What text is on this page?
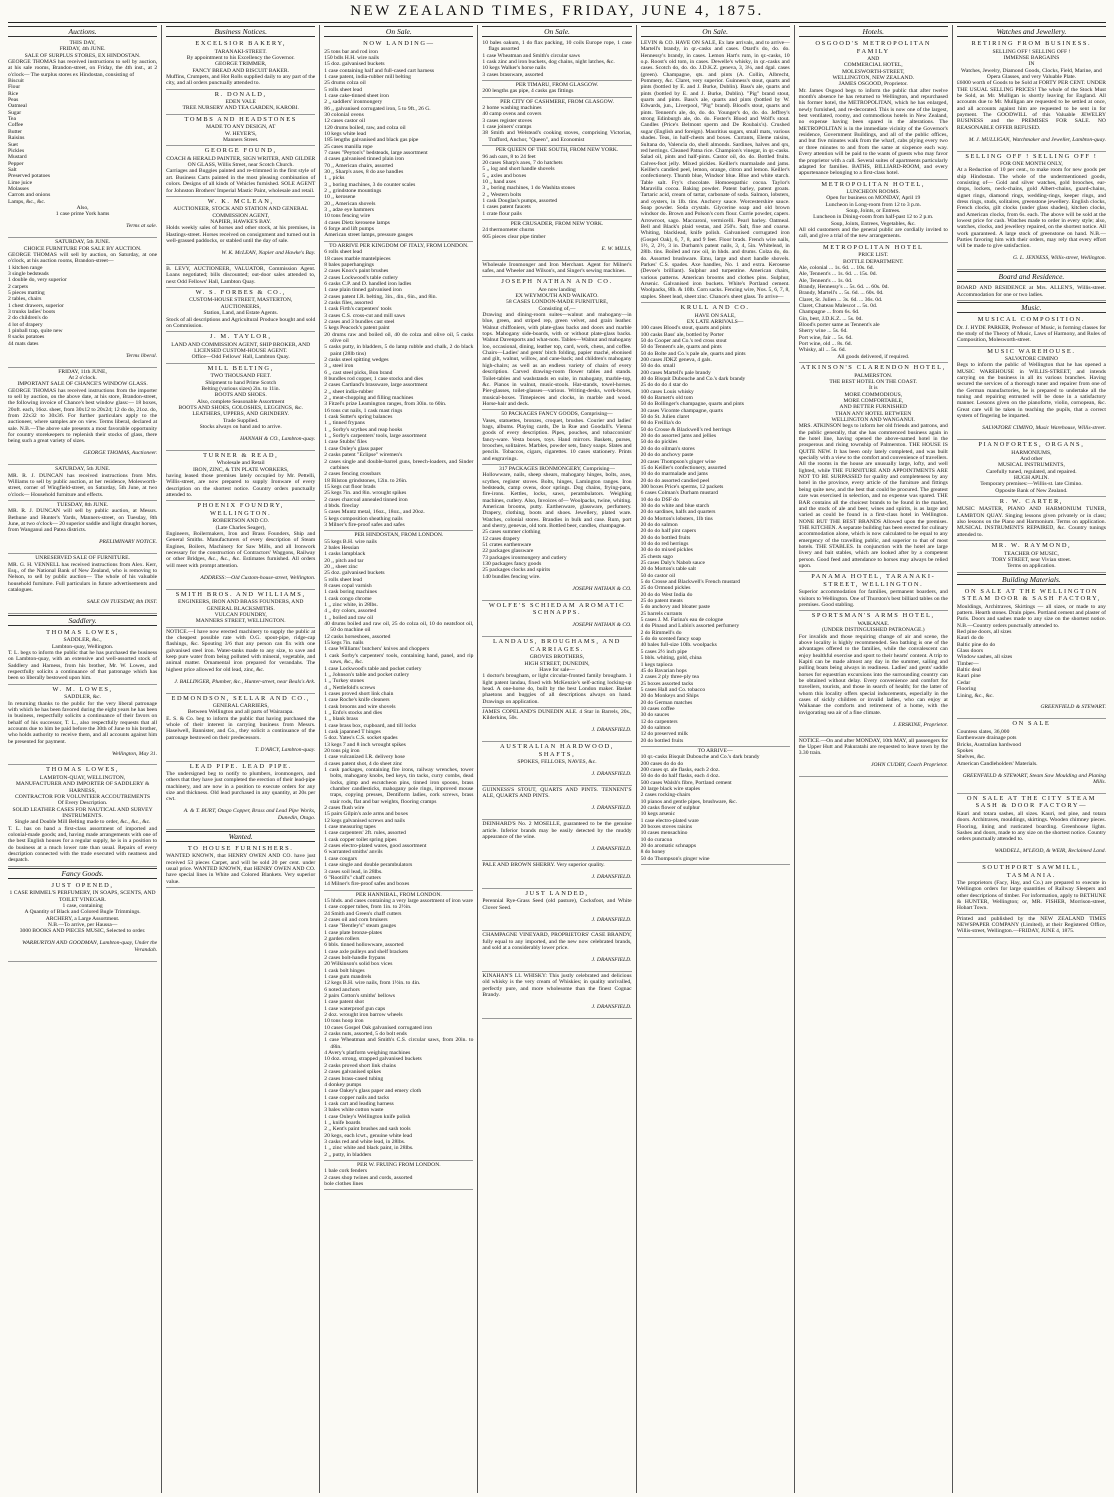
NEW ZEALAND TIMES, FRIDAY, JUNE 4, 1875.
Auctions.

THIS DAY,

FRIDAY, 4th JUNE.

SALE OF SURPLUS STORES, EX HINDOSTAN.

GEORGE THOMAS has received instructions to sell by auction, at his sale rooms, Brandon-street, on Friday, the 4th inst., at 2 o'clock— The surplus stores ex Hindostan, consisting of

Biscuit

Flour

Rice

Peas

Oatmeal

Sugar

Tea

Coffee

Butter

Raisins

Suet

Pickles

Mustard

Pepper

Salt

Preserved potatoes

Lime juice

Molasses

Carrots and onions

Lamps, &c., &c.

Also,

1 case prime York hams

Terms at sale.

SATURDAY, 5th JUNE.

CHOICE FURNITURE FOR SALE BY AUCTION.

GEORGE THOMAS will sell by auction, on Saturday, at one o'clock, at his auction rooms, Brandon-street—

1 kitchen range

3 single bedsteads

1 double do, very superior

2 carpets

5 pieces matting

2 tables, chairs

1 chest drawers, superior

3 trunks ladies' boots

2 do children's do

4 lot of drapery

1 pinball trap, quite new

8 sacks potatoes

44 mats dates

Terms liberal.

FRIDAY, 11th JUNE,

At 2 o'clock.

IMPORTANT SALE OF CHANCE'S WINDOW GLASS.

GEORGE THOMAS has received instructions from the importer to sell by auction, on the above date, at his store, Brandon-street, the following invoice of Chance's best window glass:— 18 boxes, 20oft. each, 16oz. sheet, from 30x12 to 20x24; 12 do do, 21oz. do, from 22x32 to 30x36. For further particulars apply to the auctioneer, where samples are on view. Terms liberal, declared at sale. N.B.—The above sale presents a most favorable opportunity for country storekeepers to replenish their stocks of glass, there being such a great variety of sizes.

GEORGE THOMAS, Auctioneer.

SATURDAY, 5th JUNE.

MR. R. J. DUNCAN has received instructions from Mrs. Williams to sell by public auction, at her residence, Molesworth-street, corner of Wingfield-street, on Saturday, 5th June, at two o'clock— Household furniture and effects.

TUESDAY, 8th JUNE.

MR. R. J. DUNCAN will sell by public auction, at Messrs. Bethune and Hunter's Yards, Manners-street, on Tuesday, 8th June, at two o'clock— 20 superior saddle and light draught horses, from Wanganui and Patea districts.

PRELIMINARY NOTICE.

UNRESERVED SALE OF FURNITURE.

MR. G. H. VENNELL has received instructions from Alex. Kerr, Esq., of the National Bank of New Zealand, who is removing to Nelson, to sell by public auction— The whole of his valuable household furniture. Full particulars in future advertisements and catalogues.

SALE ON TUESDAY, 8th INST.

Saddlery.
THOMAS LOWES,

SADDLER, &c.,

Lambton-quay, Wellington.

T. L. begs to inform the public that he has purchased the business on Lambton-quay, with an extensive and well-assorted stock of Saddlery and Harness, from his brother, Mr. W. Lowes, and respectfully solicits a continuance of that patronage which has been so liberally bestowed upon him.

W. M. LOWES,

SADDLER, &c.

In returning thanks to the public for the very liberal patronage with which he has been favored during the eight years he has been in business, respectfully solicits a continuance of their favors on behalf of his successor, T. L., also respectfully requests that all accounts due to him be paid before the 30th of June to his brother, who holds authority to receive them, and all accounts against him be presented for payment.

Wellington, May 31.

THOMAS LOWES,

LAMBTON-QUAY, WELLINGTON,

MANUFACTURER AND IMPORTER OF SADDLERY & HARNESS,

CONTRACTOR FOR VOLUNTEER ACCOUTREMENTS

Of Every Description.

SOLID LEATHER CASES FOR NAUTICAL AND SURVEY INSTRUMENTS.

Single and Double Mill Belting made to order, &c., &c., &c.

T. L. has on hand a first-class assortment of imported and colonial-made goods; and, having made arrangements with one of the best English houses for a regular supply, he is in a position to do business at a much lower rate than usual. Repairs of every description connected with the trade executed with neatness and despatch.

Fancy Goods.
JUST OPENED,

1 CASE RIMMEL'S PERFUMERY, IN SOAPS, SCENTS, AND TOILET VINEGAR.

1 case, containing

A Quantity of Black and Colored Bugle Trimmings.

ARCHERY, a Large Assortment.

N.B.—To arrive, per Haussa—

3000 BOOKS AND PIECES MUSIC, Selected to order.

WARBURTON AND GOODMAN, Lambton-quay, Under the Verandah.

Business Notices.
EXCELSIOR BAKERY,

TARANAKI-STREET.

By appointment to his Excellency the Governor.

GEORGE TRIMMER,

FANCY BREAD AND BISCUIT BAKER.

Muffins, Crumpets, and Hot Rolls supplied daily to any part of the city, and all orders punctually attended to.

R. DONALD,

EDEN VALE

TREE NURSERY AND TEA GARDEN, KAROBI.

TOMBS AND HEADSTONES

MADE TO ANY DESIGN, AT

W. HEYER'S,

Manners Street.

GEORGE FOUND,

COACH & HERALD PAINTER, SIGN WRITER, AND GILDER ON GLASS, Willis Street, near Scotch Church.

Carriages and Buggies painted and re-trimmed in the first style of art. Business Carts painted in the most pleasing combination of colors. Designs of all kinds of Vehicles furnished. SOLE AGENT for Johnston Brothers' Imperial Mastic Paint, wholesale and retail.

W. K. MCLEAN,

AUCTIONEER, STOCK AND STATION AND GENERAL COMMISSION AGENT,

NAPIER, HAWKE'S BAY.

Holds weekly sales of horses and other stock, at his premises, in Hastings-street. Horses received on consignment and turned out in well-grassed paddocks, or stabled until the day of sale.

W. K. McLEAN, Napier and Hawke's Bay.

B. LEVY, AUCTIONEER, VALUATOR, Commission Agent. Loans negotiated; bills discounted; out-door sales attended to, next Odd Fellows' Hall, Lambton Quay.

W. S. FORBES & CO.,

CUSTOM-HOUSE STREET, MASTERTON,

AUCTIONEERS,

Station, Land, and Estate Agents.

Stock of all descriptions and Agricultural Produce bought and sold on Commission.

J. M. TAYLOR,

LAND AND COMMISSION AGENT, SHIP BROKER, AND LICENSED CUSTOM-HOUSE AGENT.

Office—Odd Fellows' Hall, Lambton Quay.

MILL BELTING,

TWO THOUSAND FEET.

Shipment to hand Prime Scotch

Belting (various sizes) 2in. to 11in.

BOOTS AND SHOES.

Also, complete Seasonable Assortment

BOOTS AND SHOES, GOLOSHES, LEGGINGS, &c.

LEATHERS, UPPERS, AND GRINDERY.

Trade Supplied.

Stocks always on hand and to arrive.

HANNAH & CO., Lambton-quay.

TURNER & READ,

Wholesale and Retail

IRON, ZINC, & TIN PLATE WORKERS,

having leased those premises lately occupied by Mr. Pettelli, Willis-street, are now prepared to supply Ironware of every description on the shortest notice. Country orders punctually attended to.

PHOENIX FOUNDRY, WELLINGTON.

ROBERTSON AND CO.

(Late Charles Seager),

Engineers, Boilermakers, Iron and Brass Founders, Ship and General Smiths. Manufacturers of every description of Steam Engines, Boilers, Machinery for Saw Mills, and all Ironwork necessary for the construction of Contractors' Waggons, Railway or other Bridges, &c., &c., &c. Estimates furnished. All orders will meet with prompt attention.

ADDRESS:—Old Custom-house-street, Wellington.

SMITH BROS. AND WILLIAMS,

ENGINEERS, IRON AND BRASS FOUNDERS, AND GENERAL BLACKSMITHS.

VULCAN FOUNDRY,

MANNERS STREET, WELLINGTON.

NOTICE.—I have now erected machinery to supply the public at the cheapest possible rate with O.G. spout-pipe, ridge-cap flashings, &c. Spouting 3/6 that any person can fix with one galvanised steel iron. Water-tanks made to any size, to save and keep pure water from being polluted with mineral, vegetable, and animal matter. Ornamental iron prepared for verandahs. The highest price allowed for old lead, zinc, &c.

J. BALLINGER, Plumber, &c., Hunter-street, near Beals's Ark.

EDMONDSON, SELLAR AND CO.,

GENERAL CARRIERS,

Between Wellington and all parts of Wairarapa.

E. S. & Co. beg to inform the public that having purchased the whole of their interest in carrying business from Messrs. Haselwell, Bannister, and Co., they solicit a continuance of the patronage bestowed on their predecessors.

T. D'ARCY, Lambton-quay.

LEAD PIPE. LEAD PIPE.

The undersigned beg to notify to plumbers, ironmongers, and others that they have just completed the erection of their lead-pipe machinery, and are now in a position to execute orders for any size and thickness. Old lead purchased in any quantity, at 20s per cwt.

A. & T. BURT, Otago Copper, Brass and Lead Pipe Works, Dunedin, Otago.

Wanted.
TO HOUSE FURNISHERS.

WANTED KNOWN, that HENRY OWEN AND CO. have just received 53 pieces Carpet, and will be sold 20 per cent. under usual price. WANTED KNOWN, that HENRY OWEN AND CO. have special lines in White and Colored Blankets. Very superior value.

On Sale.
NOW LANDING—

25 tons bar and rod iron

150 bdls H.H. wire nails

15 doz. galvanised buckets

1 case containing half and full-cased cart harness

1 case patent, india-rubber mill belting

25 drums colza oil

5 rolls sheet lead

1 case cake-tinned sheet iron

2 ,, saddlers' ironmongery

86 ,, galvanised corrugated iron, 5 to 9ft., 26 G.

30 colonial ovens

12 cases castor oil

120 drums boiled, raw, and colza oil

10 kegs white lead

185 lengths galvanised and black gas pipe

25 cases manilla rope

7 cases "Peyton's" bedsteads, large assortment

4 cases galvanised tinned plain iron

70 ,, American chairs, assorted

30 ,, Sharp's axes, 8 do axe handles

1 ,, picks

3 ,, boring machines, 3 do counter scales

2 ,, grindstone mountings

10 ,, kerosene

20 ,, American shovels

3 ,, adze eye hammers

10 tons fencing wire

4 cases Dietz kerosene lamps

6 forge and lift pumps

American street lamps, pressure gauges

TO ARRIVE PER KINGDOM OF ITALY, FROM LONDON.

6 rolls sheet lead

18 cases marble mantelpieces

8 bales paperhangings

2 cases Knox's paint brushes

2 cases Lockwood's table cutlery

6 casks C.P. and D. handled iron ladles

1 case plain tinned galvanised iron

2 cases patent I.R. belting, 3in., 4in., 6in., and 8in.

2 casks files, assorted

1 cask Firth's carpenters' tools

3 cases C.S. cross-cut and mill saws

2 cases and 3 bundles cast steel

5 kegs Peacock's patent paint

20 drums raw and boiled oil, 40 do colza and olive oil, 5 casks olive oil

5 casks putty, in bladders, 5 do lamp rubble and chalk, 2 do black paint (28lb tins)

2 casks steel spitting wedges

3 ,, steel iron

6 ,, cast steel picks, Bon brand

8 bundles rod copper, 1 case stocks and dies

2 cases Cartland's brassware, large assortment

2 ,, sheet india-rubber

2 ,, meat-chopping and filling machines

3 Fitzel's prize Leamington ranges, from 30in. to 60in.

16 tons cut nails, 1 cask mast rings

1 cask Sutter's spring balances

1 ,, tinned frypans

1 ,, Sorby's scythes and reap hooks

1 ,, Sorby's carpenters' tools, large assortment

1 case Stubbs' files

1 case Onley's glass paper

2 casks patent "Eclipse" wiremen's

2 cases single and double-barrel guns, breech-loaders, and Sinder carbines

2 cases fencing crossbars

18 Bilston grindstones, 12in. to 26in.

15 kegs cut floor brads

25 kegs 7in. and 8in. wrought spikes

2 cases charcoal annealed tinned iron

4 bbds. fireclay

5 cases Muntz metal, 16oz., 18oz., and 20oz.

5 kegs composition sheathing nails

3 Milner's fire-proof safes and safes

PER HINDOSTAN, FROM LONDON.

55 kegs B.H. wire nails

2 bales Hessian

1 casks lampblack

20 ,, pitch and tar

20 ,, sheet zinc

25 doz. galvanised buckets

5 rolls sheet lead

8 cases copal varnish

1 cask boring machines

1 cask congo chrome

1 ,, zinc white, in 28lbs.

4 ,, dry colors, assorted

1 ,, boiled and raw oil

40 drums boiled and raw oil, 25 do colza oil, 10 do neatsfoot oil, 50 do machine oil

12 casks horseshoes, assorted

15 kegs 7in. nails

1 case Williams' butchers' knives and choppers

1 cask Sorby's carpenters' tools, containing hand, panel, and rip saws, &c., &c.

1 case Lockwood's table and pocket cutlery

1 ,, Johnson's table and pocket cutlery

1 ,, Turkey stones

4 ,, Nettlefold's screws

1 cases proved short link chain

1 case Roche's knife cleaners

1 cask brooms and wire shovels

1 ,, Enfo's stocks and dies

1 ,, blank brass

1 case brass box, cupboard, and till locks

1 cask japanned T hinges

5 doz. Yates's C.S. socket spades

13 kegs 7 and 8 inch wrought spikes

20 tons pig iron

1 case vulcanized I.R. delivery hose

4 cases patent shot, 4 do sheet zinc

1 cask packages, containing fire irons, railway wrenches, tower bolts, mahogany knobs, bed keys, tin tacks, curry combs, dead locks, gimp and escutcheon pins, tinned iron spoons, brass chamber candlesticks, mahogany pole rings, improved mouse traps, copying presses, Dentiform ladies, cork screws, brass stair rods, flat and bar weights, flooring cramps

2 cases flush wire

15 pairs Gilpin's axle arms and boxes

12 kegs galvanised screws and nails

1 case measuring tapes

1 case carpenters' 2ft. rules, assorted

1 cask copper toilet spring pipes

2 cases electro-plated wares, good assortment

6 warranted smiths' anvils

1 case cougars

1 case single and double perambulators

3 cases soil lead, in 28lbs.

6 "Rootill's" chaff cutters

14 Milner's fire-proof safes and boxes

PER HANNIBAL, FROM LONDON.

15 hhds. and cases containing a very large assortment of iron ware

1 case copper tubes, from 1in. to 2½in.

24 Smith and Green's chaff cutters

2 cases oil and corn bruisers

1 case "Bentley's" steam gauges

1 case plate bronze-plates

2 garden rollers

6 bbls. tinned hollowware, assorted

1 case axle pulleys and shelf brackets

2 cases bolt-handle frypans

20 Wilkinson's solid box vices

1 cask bolt hinges

1 case gum mandrels

12 kegs B.H. wire nails, from 1½in. to 4in.

6 noted anchors

2 pairs Cotton's smiths' bellows

1 case patent shot

1 case waterproof gun caps

2 doz. wrought iron barrow wheels

10 tons hoop iron

10 cases Gospel Oak galvanised corrugated iron

2 casks nuts, assorted, 5 do bolt ends

1 case Wheatman and Smith's C.S. circular saws, from 20in. to 48in.

4 Avery's platform weighing machines

10 doz. strong, strapped galvanised buckets

2 casks proved short link chains

2 cases galvanised spikes

2 cases brass-cased tubing

4 donkey pumps

1 case Oakey's glass paper and emery cloth

1 case copper nails and tacks

1 cask cart and leading harness

3 bales white cotton waste

1 case Onley's Wellington knife polish

1 ,, knife boards

2 ,, Kent's paint brushes and sash tools

20 kegs, each lcwt., genuine white lead

3 casks red and white lead, in 28lbs.

1 ,, zinc white and black paint, in 28lbs.

2 ,, putty, in bladders

PER W. FRUING FROM LONDON.

1 bale cork fenders

2 cases shop twines and cords, assorted

bole clothes lines

On Sale.

10 bales oakum, 1 do flax packing, 10 coils Europe rope, 1 case flags assorted

1 case Wheatman and Smith's circular saws

1 cask zinc and iron buckets, dog chains, night latches, &c.

10 kegs Walker's horse nails

3 cases brassware, assorted

PER TIMARU, FROM GLASGOW.

200 lengths gas pipe, 4 casks gas fittings

PER CITY OF CASHMERE, FROM GLASGOW.

2 home washing machines

40 camp ovens and covers

3 cases register stoves

1 case joiners' cramps

38 Smith and Welstead's cooking stoves, comprising Victorias, Trafford, Anchor, "Queen", and Economist

PER QUEEN OF THE SOUTH, FROM NEW YORK.

96 ash oars, 8 to 24 feet

20 cases Sharp's axes, 7 do hatchets

5 ,, log and short handle shovels

5 ,, axles and boxes

10 ,, hand axes

3 ,, boring machines, 1 do Washita stones

2 ,, Western bolts

1 cask Douglas's pumps, assorted

1 cases patent faucets

1 crate flour pails

PER CRUSADER, FROM NEW YORK.

24 thermometer churns

605 pieces clear pipe timber

E. W. MILLS,

Wholesale Ironmonger and Iron Merchant. Agent for Milner's safes, and Wheeler and Wilson's, and Singer's sewing machines.

JOSEPH NATHAN AND CO.

Are now landing

EX WEYMOUTH AND WAIKATO.

58 CASES LONDON-MADE FURNITURE,

Consisting of,—

Drawing and dining-room suites—walnut and mahogany—in blue, green, and striped rep, green velvet, and grain leather. Walnut chiffoniers, with plate-glass backs and doors and marble tops. Mahogany side-boards, with or without plate-glass backs. Walnut Davenports and what-nots. Tables—Walnut and mahogany loo, occasional, dining, leather top, card, work, chess, and coffee. Chairs—Ladies' and gents' birch folding, papier maché, ebonised and gilt, walnut, willow, and cane-back; and children's mahogany high-chairs; as well as an endless variety of chairs of every description. Carved drawing-room flower tables and stands. Toilet-tables and washstands en suite, in mahogany, marble-top, &c. Pianos in walnut, music-stools. Hat-stands, towel-horses. Pier-glasses, toilet-glasses—various. Writing-desks, work-boxes, musical-boxes. Timepieces and clocks, in marble and wood. Horse-hair and deck.

50 PACKAGES FANCY GOODS, Comprising—

Vases, statuettes, bronzes, croquet, brushes. Courier and ladies' bags, albums. Playing cards, De la Rue and Goodall's. Vienna goods of every description. Pipes, pouches, and tobacconists' fancy-ware. Vesta boxes, toys. Hand mirrors. Baskets, purses, brooches, solitaires. Marbles, powder sets, fancy soaps. Slates and pencils. Tobaccos, cigars, cigarettes. 10 cases stationery. Prints and engravings.

317 PACKAGES IRONMONGERY, Comprising—

Hollowware, nails, sheep shears, mahogany hinges, bolts, axes, scythes, register stoves. Bolts, hinges, Lamington ranges. Iron bedsteads, camp ovens, door springs. Dog chains, frying-pans, fire-irons. Kettles, locks, saws, perambulators. Weighing machines, cutlery. Also, Invoices of— Woolpacks, twine, whiting. American brooms, putty. Earthenware, glassware, perfumery. Drapery, clothing, boots and shoes. Jewellery, plated ware. Watches, colonial stores. Brandies in bulk and case. Rum, port and sherry, genevas, old tom. Bottled beer, candles, champagne.

25 cases summer clothing

12 cases drapery

51 crates earthenware

22 packages glassware

73 packages ironmongery and cutlery

130 packages fancy goods

25 packages clocks and spirits

140 bundles fencing wire.

JOSEPH NATHAN & CO.

WOLFE'S SCHIEDAM AROMATIC SCHNAPPS.

JOSEPH NATHAN & CO.

LANDAUS, BROUGHAMS, AND CARRIAGES.

GROVES BROTHERS,

HIGH STREET, DUNEDIN,

Have for sale—

1 doctor's brougham, or light circular-fronted family brougham. 1 light patent landau, fixed with McKenzie's self-acting locking-up head. A one-horse do, built by the best London maker. Basket phaetons and buggies of all descriptions always on hand. Drawings on application.

JAMES COPELAND'S DUNEDIN ALE. 4 Star in Barrels, 20s., Kilderkins, 50s.

J. DRANSFIELD.

AUSTRALIAN HARDWOOD, SHAFTS,

SPOKES, FELLOES, NAVES, &c.

J. DRANSFIELD.

GUINNESS'S STOUT, QUARTS AND PINTS. TENNENT'S ALE, QUARTS AND PINTS.

J. DRANSFIELD.

DEINHARD'S No. 2 MOSELLE, guaranteed to be the genuine article. Inferior brands may be easily detected by the muddy appearance of the wine.

J. DRANSFIELD.

PALE AND BROWN SHERRY. Very superior quality.

J. DRANSFIELD.

JUST LANDED,

Perennial Rye-Grass Seed (old pasture), Cocksfoot, and White Clover Seed.

J. DRANSFIELD.

CHAMPAGNE VINEYARD, PROPRIETORS' CASE BRANDY, fully equal to any imported, and the new now celebrated brands, and sold at a considerably lower price.

J. DRANSFIELD.

KINAHAN'S LL WHISKY: This justly celebrated and delicious old whisky is the very cream of Whiskies; in quality unrivalled, perfectly pure, and more wholesome than the finest Cognac Brandy.

J. DRANSFIELD.

On Sale.

LEVIN & CO. HAVE ON SALE, Ex late arrivals, and to arrive— Martell's brandy, in qr.-casks and cases. Otard's do, do. do. Hennessy's brandy, in cases. Lemon Hart's rum, in qr.-casks, 10 o.p. Roost's old tom, in cases. Dewelle's whisky, in qr.-casks and cases. Scotch do, do. do. J.D.K.Z. geneva, 3, 3¼, and 4gal. cases (green). Champagne, qts. and pints (A. Collin, Albrecht, Pommery, &c. Claret, very superior. Guinness's stout, quarts and pints (bottled by E. and J. Burke, Dublin). Bass's ale, quarts and pints (bottled by E. and J. Burke, Dublin). "Pig" brand stout, quarts and pints. Bass's ale, quarts and pints (bottled by W. Edwards, jun., Liverpool, "Pig" brand). Blood's stout, quarts and pints. Tennent's ale, do, do. do. Younger's do, do. do. Jeffrey's strong Edinburgh ale, do. do. Foster's Blood and Wolf's stout. Candles (Price's Belmont sperm and De Roubaix's). Crushed sugar (English and foreign). Mauritius sugars, small mats, various shades. Teas, in half-chests and boxes. Currants, Eleme raisins, Sultana do, Valencia do, shell almonds. Sardines, halves and qrs, red herrings. Cleaned Patna rice. Champion's vinegar, in qr.-casks. Salad oil, pints and half-pints. Castor oil, do. do. Bottled fruits. Calves-foot jelly. Mixed pickles. Keiller's marmalade and jams. Keiller's candied peel, lemon, orange, citron and lemon. Keiller's confectionery. Thumb blue, Windsor blue. Blue and white starch. Table salt. Fry's chocolate. Homoeopathic cocoa. Taylor's Maravilla cocoa. Baking powder. Patent barley, patent groats. Tartaric acid, cream of tartar, carbonate of soda. Salmon, lobsters, and oysters, in 1lb. tins. Anchovy sauce. Worcestershire sauce. Soap powder. Soda crystals. Glycerine soap and old brown windsor do. Brown and Polson's corn flour. Currie powder, capers. Arrowroot, sago. Maccaroni, vermicelli. Pearl barley. Oatmeal. Bell and Black's plaid vestas, and 250's. Salt, fine and coarse. Whiting, blacklead, knife polish. Galvanised corrugated iron (Gospel Oak), 6, 7, 8, and 9 feet. Floor brads. French wire nails, 1½, 2, 2½, 3 in. Durham's patent nails, 3, 4, 5in. Whitelead, in 28lb. tins. Boiled and raw oil, in hhds. and drums. Colza do, do. do. Assorted brushware. Emu, large and short handle shovels. Parkes' C.S. spades. Axe handles, No. 1 and extra. Kerosene (Devoe's brilliant). Sulphur and turpentine. American chairs, various patterns. American brooms and clothes pins. Sulphur, Arsenic. Galvanised iron buckets. White's Portland cement. Woolpacks, 8lb. & 10lb. Corn sacks. Fencing wire, Nos. 5, 6, 7, 8, staples. Sheet lead, sheet zinc. Chance's sheet glass. To arrive—

KRULL AND CO.

HAVE ON SALE,

EX LATE ARRIVALS—

100 cases Blood's stout, quarts and pints

100 casks Bass' ale, bottled by Porter

50 do Cooper and Co.'s red cross stout

50 do Tennent's ale, quarts and pints

50 do Bolte and Co.'s pale ale, quarts and pints

200 cases JDKZ geneva, 4 gals.

50 do do. small

200 cases Martell's pale brandy

40 do Bisquit Dubouche and Co.'s dark brandy

25 do do do 4 star do

100 cases Louis whisky

60 do Barnett's old tom

50 do Bollinger's champagne, quarts and pints

30 cases Vicomte champagne, quarts

50 do St. Julien claret

60 do Freillia's do

50 do Crosse & Blackwell's red herrings

20 do do assorted jams and jellies

50 do do pickles

20 do do oilman's stores

20 do do anchovy paste

20 cases Thompson's ginger wine

15 do Keiller's confectionery, assorted

10 do do marmalade and jams

20 do do assorted candied peel

300 boxes Price's sperms, 12 packets

6 cases Colman's Durham mustard

10 do do DSF do

30 do do white and blue starch

20 do sardines, halfs and quarters

20 do Morton's lobsters, 1lb tins

20 do do salmon

20 do do half pint capers

20 do do bottled fruits

10 do do red herrings

30 do do mixed pickles

25 chests sago

25 cases Daly's Nabob sauce

20 do Morton's table salt

50 do castor oil

5 do Crosse and Blackwell's French mustard

25 do Ormond pickles

20 do do West India do

25 do patent meats

5 do anchovy and bloater paste

25 barrels currants

5 cases J. M. Farina's eau de cologne

4 do Pinaud and Lubin's assorted perfumery

2 do Rimmell's do

5 do do scented fancy soap

40 bales full-size 10lb. woolpacks

5 cases 2½ inch pipe

5 bbls. whiting, gold, china

1 kegs tapioca

45 do Bavarian hops

2 cases 2 ply three-ply tea

25 boxes assorted tacks

5 cases Hall and Co. tobacco

20 do Monkeys and Ships

20 do German matches

10 cases coffee

30 do sauces

12 do carpenters

20 do salmon

12 do preserved milk

20 do bottled fruits

TO ARRIVE—

10 qr.-casks Bisquit Dubouche and Co.'s dark brandy

200 cases do do do

200 cases qt. ale flasks, each 2 doz.

50 do do do half flasks, each 4 doz.

500 cases Walsh's fibre, Portland cement

20 large black wire staples

2 cases rocking-chairs

10 pianos and gentle pipes, brushware, &c.

20 casks flower of sulphur

10 kegs arsenic

1 case electro-plated ware

20 boxes stoves raisins

10 cases mensachino

10 do curacoa

20 do aromatic schnapps

8 do honey

50 do Thompson's ginger wine

Hotels.
OSGOOD'S METROPOLITAN FAMILY

AND

COMMERCIAL HOTEL,

MOLESWORTH-STREET,

WELLINGTON, NEW ZEALAND.

JAMES OSGOOD, Proprietor.

Mr. James Osgood begs to inform the public that after twelve month's absence he has returned to Wellington, and repurchased his former hotel, the METROPOLITAN, which he has enlarged, newly furnished, and re-decorated. This is now one of the largest, best ventilated, roomy, and commodious hotels in New Zealand, no expense having been spared in the alterations. The METROPOLITAN is in the immediate vicinity of the Governor's residence, Government Buildings, and all of the public offices, and but five minutes walk from the wharf, cabs plying every two or three minutes to and from the same at sixpence each way. Every attention will be paid to the wants of guests who may favor the proprietor with a call. Several suites of apartments particularly adapted for families. BATHS, BILLIARD-ROOM, and every appurtenance belonging to a first-class hotel.

METROPOLITAN HOTEL,

LUNCHEON ROOMS.

Open for business on MONDAY, April 19

Luncheon in Long-room from 12 to 3 p.m.

Soup, Joints, or Entrees.

Luncheon in Dining-room from half-past 12 to 2 p.m.

Soup, Joints, Entrees, Vegetables, &c.

All old customers and the general public are cordially invited to call, and give a trial of the new arrangements.

METROPOLITAN HOTEL

PRICE LIST.

BOTTLE DEPARTMENT.

Ale, colonial ... 1s. 6d. ... 10s. 6d.

Ale, Tennent's ... 1s. 6d. ... 15s. 0d.

Ale, Tennent's ... 1s. 0d.

Brandy, Hennessy's ... 5s. 6d. ... 60s. 0d.

Brandy, Martell's ... 5s. 6d. ... 60s. 0d.

Claret, St. Julien ... 3s. 6d. ... 36s. 0d.

Claret, Chateau Malescot ... 5s. 0d.

Champagne ... from 6s. 6d.

Gin, best, J.D.K.Z. ... 5s. 0d.

Blood's porter same as Tennent's ale

Sherry wine ... 5s. 6d.

Port wine, fair ... 5s. 6d.

Port wine, old ... 8s. 6d.

Whisky, all ... 5s. 6d.

All goods delivered, if required.

ATKINSON'S CLARENDON HOTEL,

PALMERSTON.

THE BEST HOTEL ON THE COAST.

It is

MORE COMMODIOUS,

MORE COMFORTABLE,

AND BETTER FURNISHED

THAN ANY HOTEL BETWEEN

WELLINGTON AND WANGANUI.

MRS. ATKINSON begs to inform her old friends and patrons, and the public generally, that she has commenced business again in the hotel line, having opened the above-named hotel in the prosperous and rising township of Palmerston. THE HOUSE IS QUITE NEW. It has been only lately completed, and was built specially with a view to the comfort and convenience of travellers. All the rooms in the house are unusually large, lofty, and well lighted, while THE FURNITURE AND APPOINTMENTS ARE NOT TO BE SURPASSED for quality and completeness by any hotel in the province, every article of the furniture and fittings being quite new, and the best that could be procured. The greatest care was exercised in selection, and no expense was spared. THE BAR contains all the choicest brands to be found in the market, and the stock of ale and beer, wines and spirits, is as large and varied as could be found in a first-class hotel in Wellington. NONE BUT THE BEST BRANDS Allowed upon the premises. THE KITCHEN. A separate building has been erected for culinary accommodation alone, which is now calculated to be equal to any emergency of the travelling public, and superior to that of most hotels. THE STABLES. In conjunction with the hotel are large livery and bait stables, which are looked after by a competent person. Good feed and attendance to horses may always be relied upon.

PANAMA HOTEL, TARANAKI-STREET, WELLINGTON.

Superior accommodation for families, permanent boarders, and visitors to Wellington. One of Thurston's best billiard tables on the premises. Good stabling.

SPORTSMAN'S ARMS HOTEL,

WAIKANAE.

(UNDER DISTINGUISHED PATRONAGE.)

For invalids and those requiring change of air and scene, the above locality is highly recommended. Sea bathing is one of the advantages offered to the families, while the convalescent can enjoy healthful exercise and sport to their hearts' content. A trip to Kapiti can be made almost any day in the summer, sailing and pulling boats being always in readiness. Ladies' and gents' saddle horses for equestrian excursions into the surrounding country can be obtained without delay. Every convenience and comfort for travellers, tourists, and those in search of health; for the latter of whom this locality offers special inducements, especially in the cases of sickly children or invalid ladies, who can enjoy at Waikanae the comforts and retirement of a home, with the invigorating sea air of a fine climate.

J. ERSKINE, Proprietor.

NOTICE.—On and after MONDAY, 10th MAY, all passengers for the Upper Hutt and Pakuratahi are requested to leave town by the 3.30 train.

JOHN CUDBY, Coach Proprietor.

Watches and Jewellery.
RETIRING FROM BUSINESS.

SELLING OFF ! SELLING OFF !

IMMENSE BARGAINS

IN

Watches, Jewelry, Diamond Goods, Clocks, Field, Marine, and Opera Glasses, and very Valuable Plate.

£6000 worth of Goods to be Sold at FORTY PER CENT. UNDER THE USUAL SELLING PRICES! The whole of the Stock Must be Sold, as Mr. Mulligan is shortly leaving for England. All accounts due to Mr. Mulligan are requested to be settled at once, and all accounts against him are requested to be sent in for payment. The GOODWILL of this Valuable JEWELRY BUSINESS and the PREMISES FOR SALE. NO REASONABLE OFFER REFUSED.

M. J. MULLIGAN, Watchmaker and Jeweller, Lambton-quay.

SELLING OFF ! SELLING OFF !

FOR ONE MONTH ONLY,

At a Reduction of 10 per cent., to make room for new goods per ship Hindostan. The whole of the undermentioned goods, consisting of— Gold and silver watches, gold brooches, ear-drops, lockets, neck-chains, gold Albert-chains, guard-chains, signet rings, diamond rings, wedding-rings, keeper rings, and dress rings, studs, solitaires, greenstone jewellery. English clocks, French clocks, gilt clocks (under glass shades), kitchen clocks, and American clocks, from 6s. each. The above will be sold at the lowest price for cash. Watches made to order in every style; also, watches, clocks, and jewellery repaired, on the shortest notice. All work guaranteed. A large stock of greenstone on hand. N.B.—Parties favoring him with their orders, may rely that every effort will be made to give satisfaction.

G. L. JENNESS, Willis-street, Wellington.

Board and Residence.

BOARD AND RESIDENCE at Mrs. ALLEN'S, Willis-street. Accommodation for one or two ladies.

Music.
MUSICAL COMPOSITION.

Dr. J. HYDE PARKER, Professor of Music, is forming classes for the study of the Theory of Music, Laws of Harmony, and Rules of Composition, Molesworth-street.

MUSIC WAREHOUSE.

SALVATORE CIMINO

Begs to inform the public of Wellington that he has opened a MUSIC WAREHOUSE in WILLIS-STREET, and intends carrying on the business in all its various branches. Having secured the services of a thorough tuner and repairer from one of the German manufactories, he is prepared to undertake all the tuning and repairing entrusted will be done in a satisfactory manner. Lessons given on the pianoforte, violin, cornopean, &c. Great care will be taken in teaching the pupils, that a correct system of fingering be imparted.

SALVATORE CIMINO, Music Warehouse, Willis-street.

PIANOFORTES, ORGANS,

HARMONIUMS,

And other

MUSICAL INSTRUMENTS,

Carefully tuned, regulated, and repaired.

HUGH APLIN.

Temporary premises:—Willis-st. late Cimino.

Opposite Bank of New Zealand.

R. W. CARTER,

MUSIC MASTER, PIANO AND HARMONIUM TUNER, LAMBTON QUAY. Singing lessons given privately or in class; also lessons on the Piano and Harmonium. Terms on application. MUSICAL INSTRUMENTS REPAIRED, &c. Country tunings attended to.

MR. W. RAYMOND,

TEACHER OF MUSIC,

TORY STREET, near Vivian street.

Terms on application.

Building Materials.
ON SALE AT THE WELLINGTON STEAM DOOR & SASH FACTORY,

Mouldings, Architraves, Skirtings — all sizes, or made to any pattern. Hearth stones. Drain pipes. Portland cement and plaster of Paris. Doors and sashes made to any size on the shortest notice. N.B.—Country orders punctually attended to.

Red pine doors, all sizes

Kauri do do

Baltic pine do do

Glass doors

Window sashes, all sizes

Timber—

Baltic deal

Kauri pine

Cedar

Flooring

Lining, &c., &c.

GREENFIELD & STEWART.

ON SALE

Countess slates, 36,000

Earthenware drainage pots

Bricks, Australian hardwood

Spokes

Shelves, &c.

American Candleholders' Materials.

GREENFIELD & STEWART, Steam Saw Moulding and Planing Mills.

ON SALE AT THE CITY STEAM SASH & DOOR FACTORY—

Kauri and totara sashes, all sizes. Kauri, red pine, and totara doors. Architraves, mouldings, skirtings. Wooden chimney pieces. Flooring, lining and rusticated boarding. Greenhouse lights. Sashes and doors, made to any size on the shortest notice. Country orders punctually attended to.

WADDELL, M'LEOD, & WEIR, Reclaimed Land.

SOUTHPORT SAWMILL, TASMANIA.

The proprietors (Facy, Hay, and Co.) are prepared to execute in Wellington orders for large quantities of Railway Sleepers and other descriptions of timber. For information, apply to BETHUNE & HUNTER, Wellington; or, MR. FISHER, Morrison-street, Hobart Town.

Printed and published by the NEW ZEALAND TIMES NEWSPAPER COMPANY (Limited), at their Registered Office, Willis-street, Wellington.—FRIDAY, JUNE 4, 1875.
